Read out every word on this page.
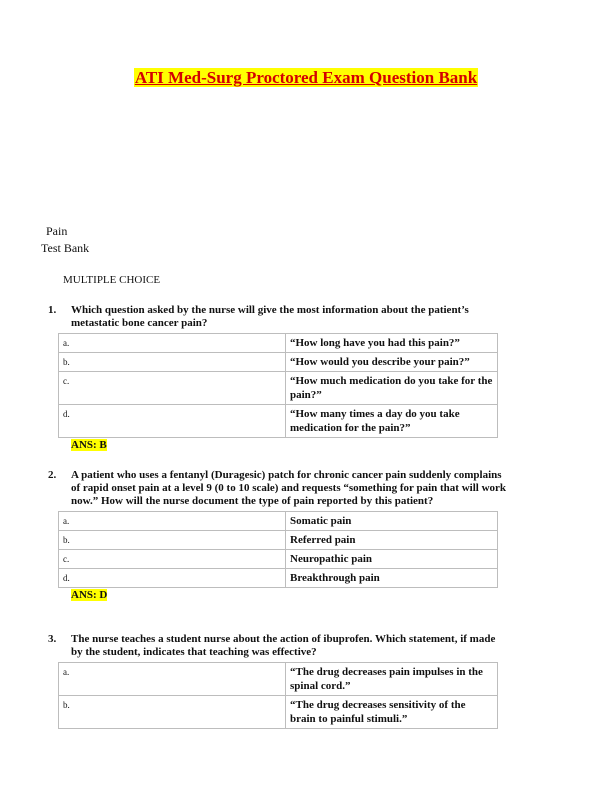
ATI Med-Surg Proctored Exam Question Bank
Pain
Test Bank
MULTIPLE CHOICE
1. Which question asked by the nurse will give the most information about the patient’s metastatic bone cancer pain?
a.	“How long have you had this pain?”
b.	“How would you describe your pain?”
c.	“How much medication do you take for the pain?”
d.	“How many times a day do you take medication for the pain?”
ANS: B
2. A patient who uses a fentanyl (Duragesic) patch for chronic cancer pain suddenly complains of rapid onset pain at a level 9 (0 to 10 scale) and requests “something for pain that will work now.” How will the nurse document the type of pain reported by this patient?
a.	Somatic pain
b.	Referred pain
c.	Neuropathic pain
d.	Breakthrough pain
ANS: D
3. The nurse teaches a student nurse about the action of ibuprofen. Which statement, if made by the student, indicates that teaching was effective?
a.	“The drug decreases pain impulses in the spinal cord.”
b.	“The drug decreases sensitivity of the brain to painful stimuli.”
